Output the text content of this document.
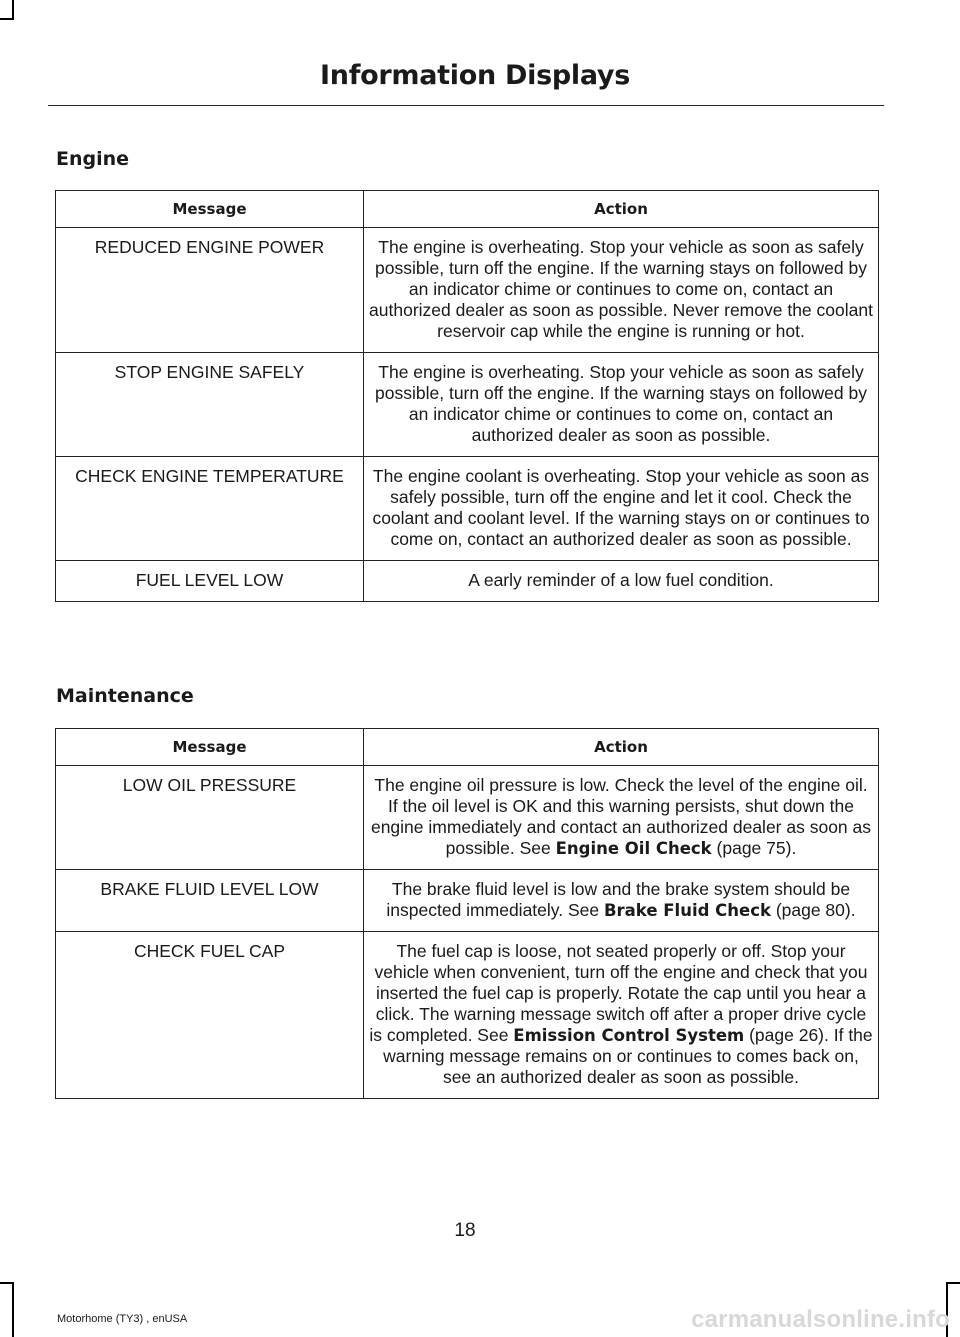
Information Displays
Engine
Message	Action
REDUCED ENGINE POWER	The engine is overheating. Stop your vehicle as soon as safely possible, turn off the engine. If the warning stays on followed by an indicator chime or continues to come on, contact an authorized dealer as soon as possible. Never remove the coolant reservoir cap while the engine is running or hot.
STOP ENGINE SAFELY	The engine is overheating. Stop your vehicle as soon as safely possible, turn off the engine. If the warning stays on followed by an indicator chime or continues to come on, contact an authorized dealer as soon as possible.
CHECK ENGINE TEMPERATURE	The engine coolant is overheating. Stop your vehicle as soon as safely possible, turn off the engine and let it cool. Check the coolant and coolant level. If the warning stays on or continues to come on, contact an authorized dealer as soon as possible.
FUEL LEVEL LOW	A early reminder of a low fuel condition.
Maintenance
Message	Action
LOW OIL PRESSURE	The engine oil pressure is low. Check the level of the engine oil. If the oil level is OK and this warning persists, shut down the engine immediately and contact an authorized dealer as soon as possible. See Engine Oil Check (page 75).
BRAKE FLUID LEVEL LOW	The brake fluid level is low and the brake system should be inspected immediately. See Brake Fluid Check (page 80).
CHECK FUEL CAP	The fuel cap is loose, not seated properly or off. Stop your vehicle when convenient, turn off the engine and check that you inserted the fuel cap is properly. Rotate the cap until you hear a click. The warning message switch off after a proper drive cycle is completed. See Emission Control System (page 26). If the warning message remains on or continues to comes back on, see an authorized dealer as soon as possible.
18
Motorhome (TY3) , enUSA	carmanualsonline.info
